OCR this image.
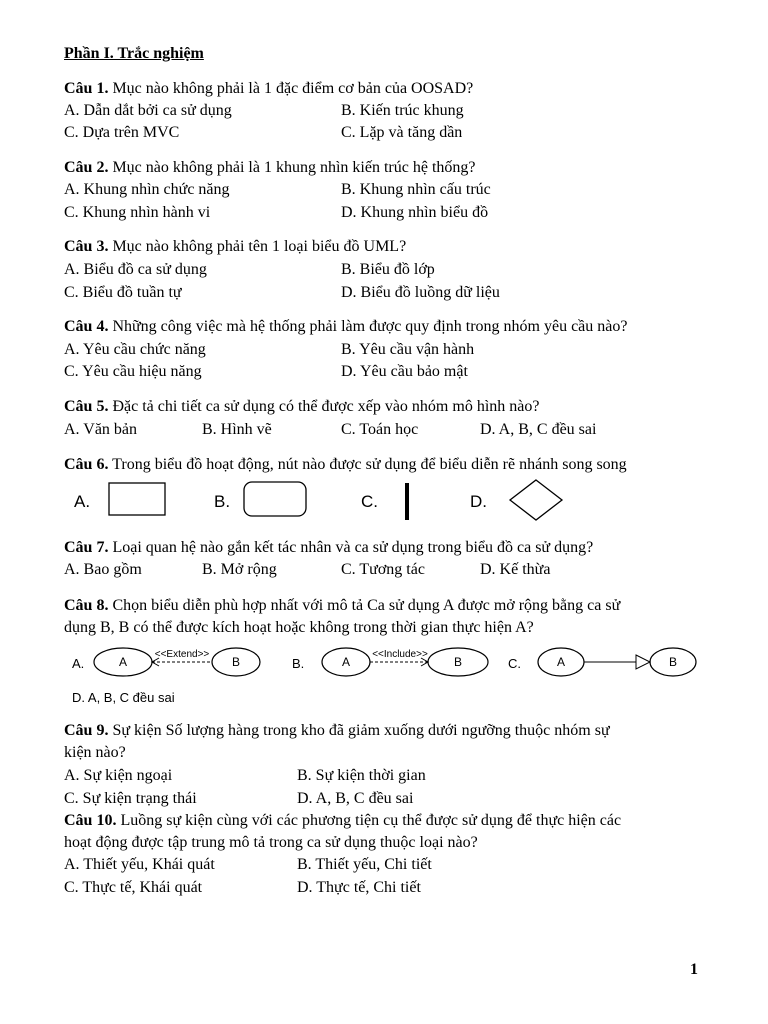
Phần I. Trắc nghiệm
Câu 1. Mục nào không phải là 1 đặc điểm cơ bản của OOSAD?
A. Dẫn dắt bởi ca sử dụng	B. Kiến trúc khung
C. Dựa trên MVC	C. Lặp và tăng dần
Câu 2. Mục nào không phải là 1 khung nhìn kiến trúc hệ thống?
A. Khung nhìn chức năng	B. Khung nhìn cấu trúc
C. Khung nhìn hành vi	D. Khung nhìn biểu đồ
Câu 3. Mục nào không phải tên 1 loại biểu đồ UML?
A. Biểu đồ ca sử dụng	B. Biểu đồ lớp
C. Biểu đồ tuần tự	D. Biểu đồ luồng dữ liệu
Câu 4. Những công việc mà hệ thống phải làm được quy định trong nhóm yêu cầu nào?
A. Yêu cầu chức năng	B. Yêu cầu vận hành
C. Yêu cầu hiệu năng	D. Yêu cầu bảo mật
Câu 5. Đặc tả chi tiết ca sử dụng có thể được xếp vào nhóm mô hình nào?
A. Văn bản	B. Hình vẽ	C. Toán học	D. A, B, C đều sai
Câu 6. Trong biểu đồ hoạt động, nút nào được sử dụng để biểu diễn rẽ nhánh song song
A.	B.	C.	D.
Câu 7. Loại quan hệ nào gắn kết tác nhân và ca sử dụng trong biểu đồ ca sử dụng?
A. Bao gồm	B. Mở rộng	C. Tương tác	D. Kế thừa
Câu 8. Chọn biểu diễn phù hợp nhất với mô tả Ca sử dụng A được mở rộng bằng ca sử
dụng B, B có thể được kích hoạt hoặc không trong thời gian thực hiện A?
A.	B.	C.
D. A, B, C đều sai
A	B
<<Extend>>
A	B
<<Include>>
A	B
Câu 9. Sự kiện Số lượng hàng trong kho đã giảm xuống dưới ngưỡng thuộc nhóm sự
kiện nào?
A. Sự kiện ngoại	B. Sự kiện thời gian
C. Sự kiện trạng thái	D. A, B, C đều sai
Câu 10. Luồng sự kiện cùng với các phương tiện cụ thể được sử dụng để thực hiện các
hoạt động được tập trung mô tả trong ca sử dụng thuộc loại nào?
A. Thiết yếu, Khái quát	B. Thiết yếu, Chi tiết
C. Thực tế, Khái quát	D. Thực tế, Chi tiết
1
